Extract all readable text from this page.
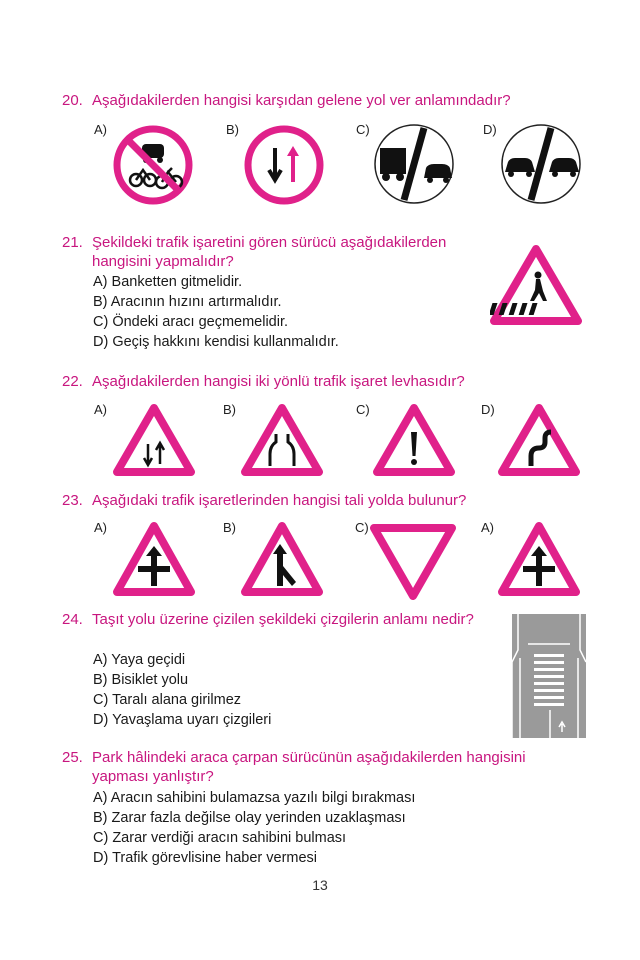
20. Aşağıdakilerden hangisi karşıdan gelene yol ver anlamındadır?
A)	B)	C)	D)
21. Şekildeki trafik işaretini gören sürücü aşağıdakilerden
hangisini yapmalıdır?
A) Banketten gitmelidir.
B) Aracının hızını artırmalıdır.
C) Öndeki aracı geçmemelidir.
D) Geçiş hakkını kendisi kullanmalıdır.
22. Aşağıdakilerden hangisi iki yönlü trafik işaret levhasıdır?
A)	B)	C)	D)
23. Aşağıdaki trafik işaretlerinden hangisi tali yolda bulunur?
A)	B)	C)	A)
24. Taşıt yolu üzerine çizilen şekildeki çizgilerin anlamı nedir?
A) Yaya geçidi
B) Bisiklet yolu
C) Taralı alana girilmez
D) Yavaşlama uyarı çizgileri
25. Park hâlindeki araca çarpan sürücünün aşağıdakilerden hangisini
yapması yanlıştır?
A) Aracın sahibini bulamazsa yazılı bilgi bırakması
B) Zarar fazla değilse olay yerinden uzaklaşması
C) Zarar verdiği aracın sahibini bulması
D) Trafik görevlisine haber vermesi
13
